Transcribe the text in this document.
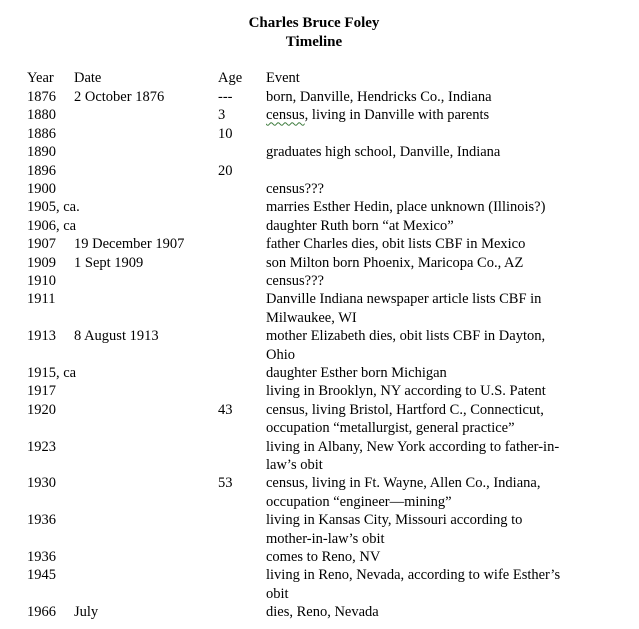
Charles Bruce Foley
Timeline
Year Date	Age Event
1876 2 October 1876	--- born, Danville, Hendricks Co., Indiana
1880	3	census, living in Danville with parents
1886	10
1890	graduates high school, Danville, Indiana
1896	20
1900	census???
1905, ca.	marries Esther Hedin, place unknown (Illinois?)
1906, ca	daughter Ruth born “at Mexico”
1907 19 December 1907	father Charles dies, obit lists CBF in Mexico
1909 1 Sept 1909	son Milton born Phoenix, Maricopa Co., AZ
1910	census???
1911	Danville Indiana newspaper article lists CBF in
Milwaukee, WI
1913 8 August 1913	mother Elizabeth dies, obit lists CBF in Dayton,
Ohio
1915, ca	daughter Esther born Michigan
1917	living in Brooklyn, NY according to U.S. Patent
1920	43 census, living Bristol, Hartford C., Connecticut,
occupation “metallurgist, general practice”
1923	living in Albany, New York according to father-in-
law’s obit
1930	53 census, living in Ft. Wayne, Allen Co., Indiana,
occupation “engineer—mining”
1936	living in Kansas City, Missouri according to
mother-in-law’s obit
1936	comes to Reno, NV
1945	living in Reno, Nevada, according to wife Esther’s
obit
1966 July	dies, Reno, Nevada
